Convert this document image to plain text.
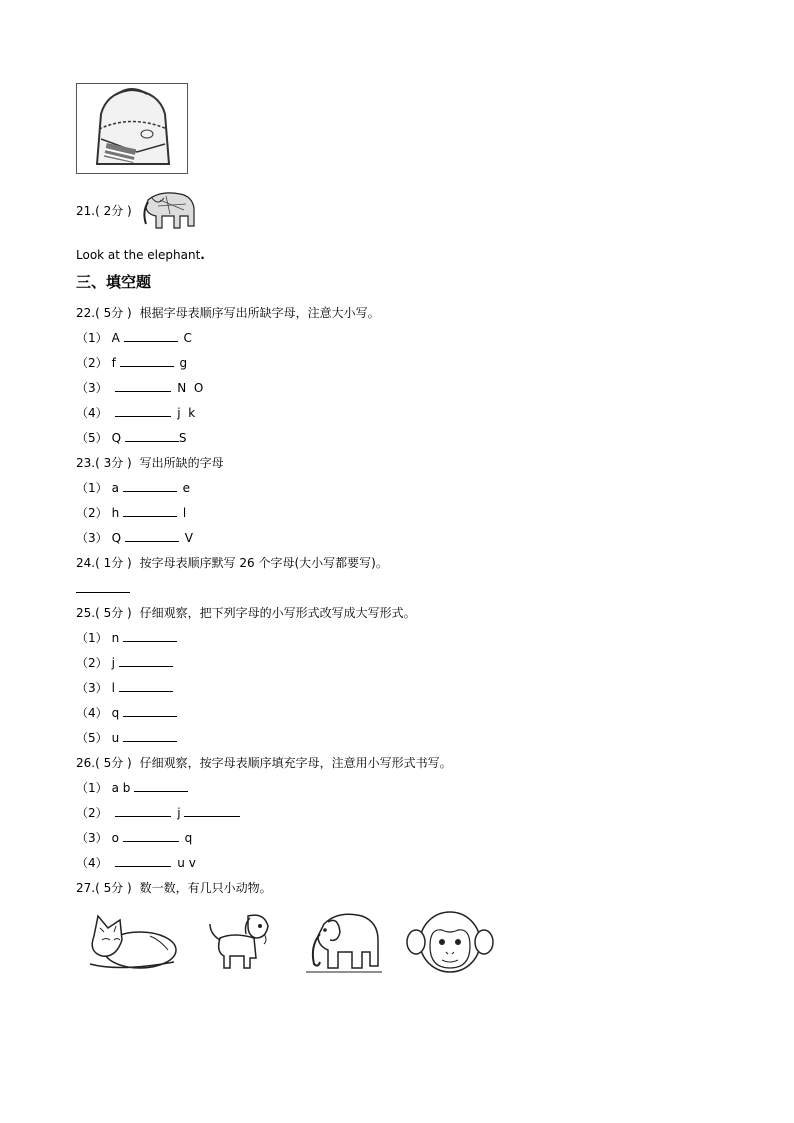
21.( 2分 )
Look at the elephant.
三、填空题
22.( 5分 ) 根据字母表顺序写出所缺字母，注意大小写。
（1） A	C
（2） f	g
（3）	N  O
（4）	j  k
（5） Q	S
23.( 3分 ) 写出所缺的字母
（1） a	e
（2） h	l
（3） Q	V
24.( 1分 ) 按字母表顺序默写 26 个字母(大小写都要写)。
25.( 5分 ) 仔细观察，把下列字母的小写形式改写成大写形式。
（1） n
（2） j
（3） l
（4） q
（5） u
26.( 5分 ) 仔细观察，按字母表顺序填充字母，注意用小写形式书写。
（1） a b
（2）	j
（3） o	q
（4）	u v
27.( 5分 ) 数一数，有几只小动物。
